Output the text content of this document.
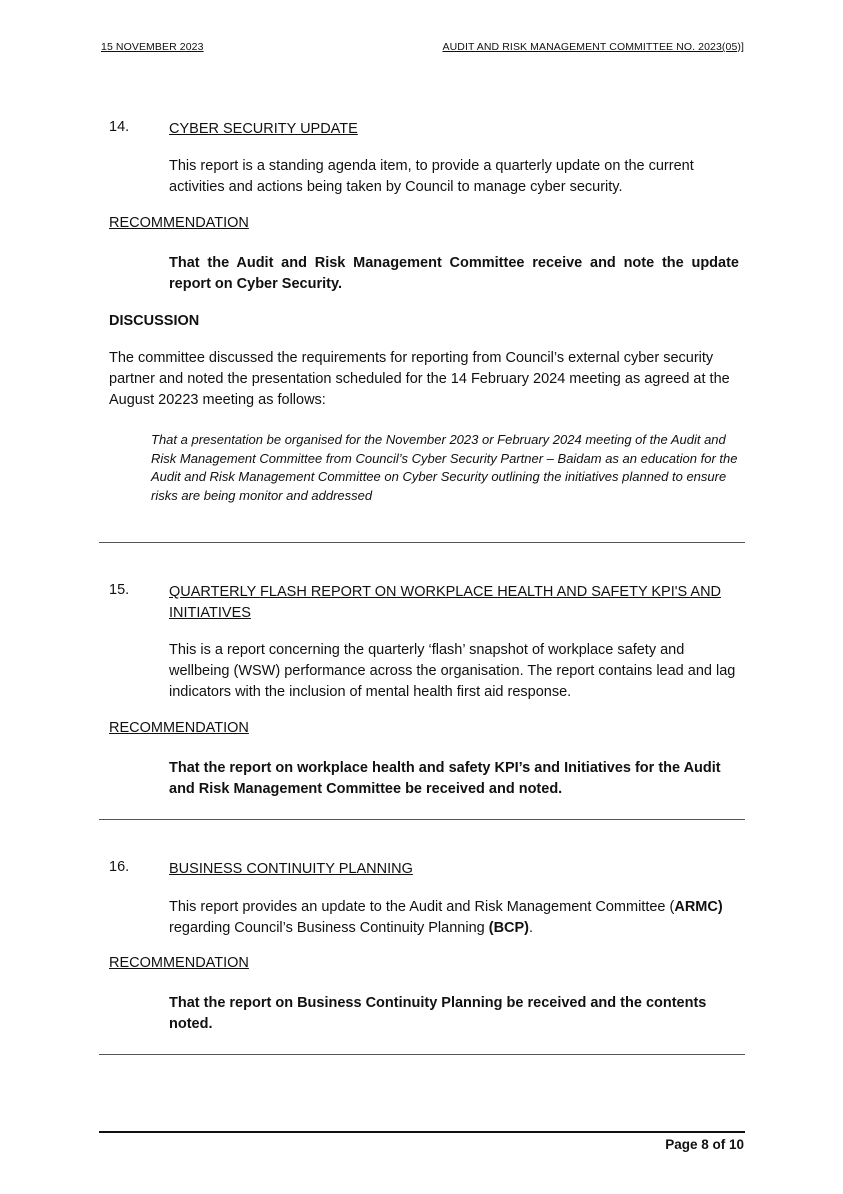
15 NOVEMBER 2023	AUDIT AND RISK MANAGEMENT COMMITTEE NO. 2023(05)]
14.	CYBER SECURITY UPDATE
This report is a standing agenda item, to provide a quarterly update on the current activities and actions being taken by Council to manage cyber security.
RECOMMENDATION
That the Audit and Risk Management Committee receive and note the update report on Cyber Security.
DISCUSSION
The committee discussed the requirements for reporting from Council’s external cyber security partner and noted the presentation scheduled for the 14 February 2024 meeting as agreed at the August 20223 meeting as follows:
That a presentation be organised for the November 2023 or February 2024 meeting of the Audit and Risk Management Committee from Council’s Cyber Security Partner – Baidam as an education for the Audit and Risk Management Committee on Cyber Security outlining the initiatives planned to ensure risks are being monitor and addressed
15.	QUARTERLY FLASH REPORT ON WORKPLACE HEALTH AND SAFETY KPI'S AND INITIATIVES
This is a report concerning the quarterly ‘flash’ snapshot of workplace safety and wellbeing (WSW) performance across the organisation. The report contains lead and lag indicators with the inclusion of mental health first aid response.
RECOMMENDATION
That the report on workplace health and safety KPI’s and Initiatives for the Audit and Risk Management Committee be received and noted.
16.	BUSINESS CONTINUITY PLANNING
This report provides an update to the Audit and Risk Management Committee (ARMC) regarding Council’s Business Continuity Planning (BCP).
RECOMMENDATION
That the report on Business Continuity Planning be received and the contents noted.
Page 8 of 10
